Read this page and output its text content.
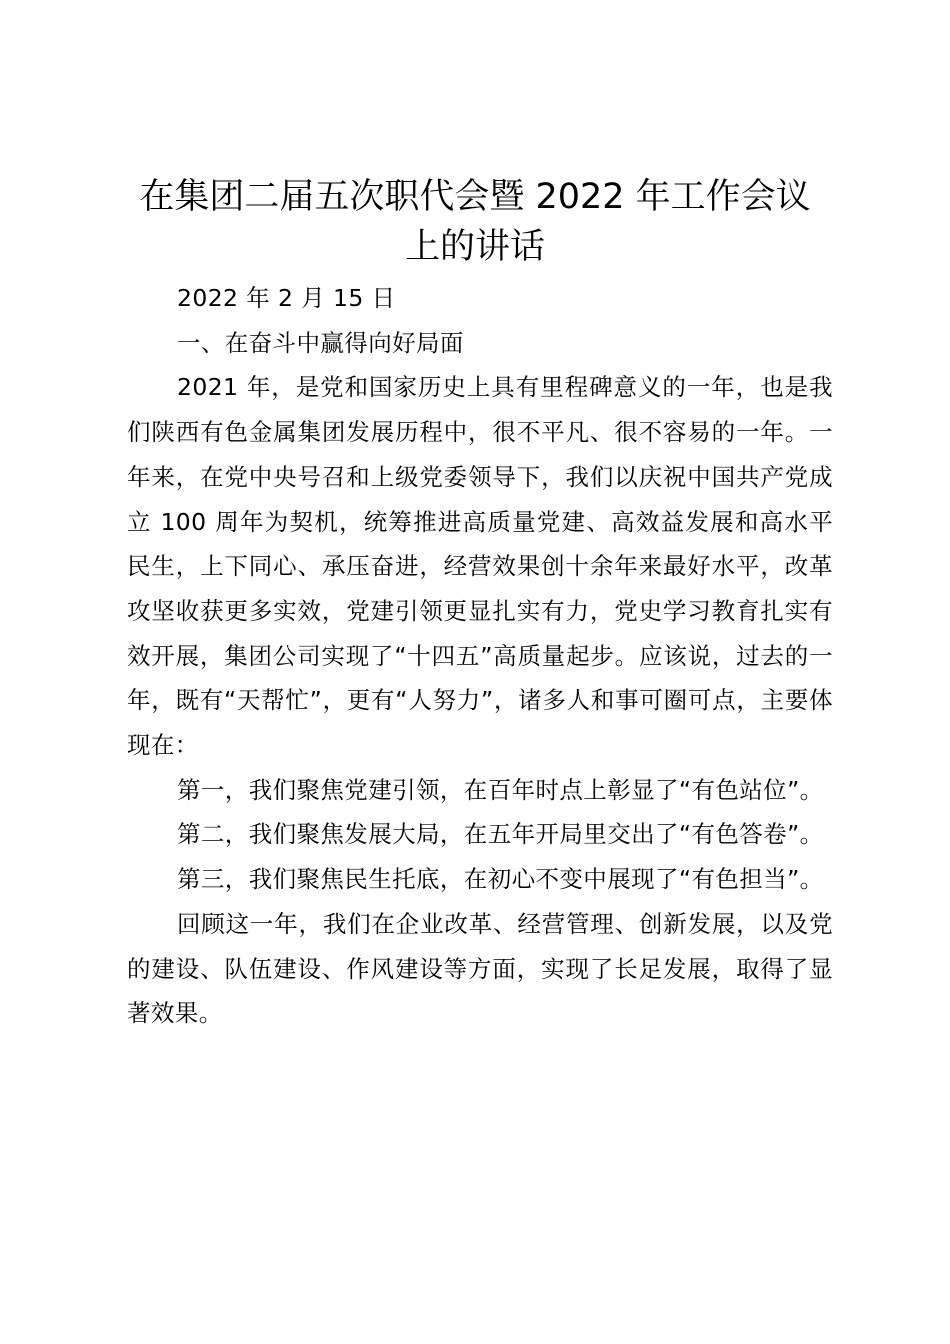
在集团二届五次职代会暨 2022 年工作会议
上的讲话

2022 年 2 月 15 日

一、在奋斗中赢得向好局面

2021 年，是党和国家历史上具有里程碑意义的一年，也是我们陕西有色金属集团发展历程中，很不平凡、很不容易的一年。一年来，在党中央号召和上级党委领导下，我们以庆祝中国共产党成立 100 周年为契机，统筹推进高质量党建、高效益发展和高水平民生，上下同心、承压奋进，经营效果创十余年来最好水平，改革攻坚收获更多实效，党建引领更显扎实有力，党史学习教育扎实有效开展，集团公司实现了“十四五”高质量起步。应该说，过去的一年，既有“天帮忙”，更有“人努力”，诸多人和事可圈可点，主要体现在：

第一，我们聚焦党建引领，在百年时点上彰显了“有色站位”。

第二，我们聚焦发展大局，在五年开局里交出了“有色答卷”。

第三，我们聚焦民生托底，在初心不变中展现了“有色担当”。

回顾这一年，我们在企业改革、经营管理、创新发展，以及党的建设、队伍建设、作风建设等方面，实现了长足发展，取得了显著效果。
